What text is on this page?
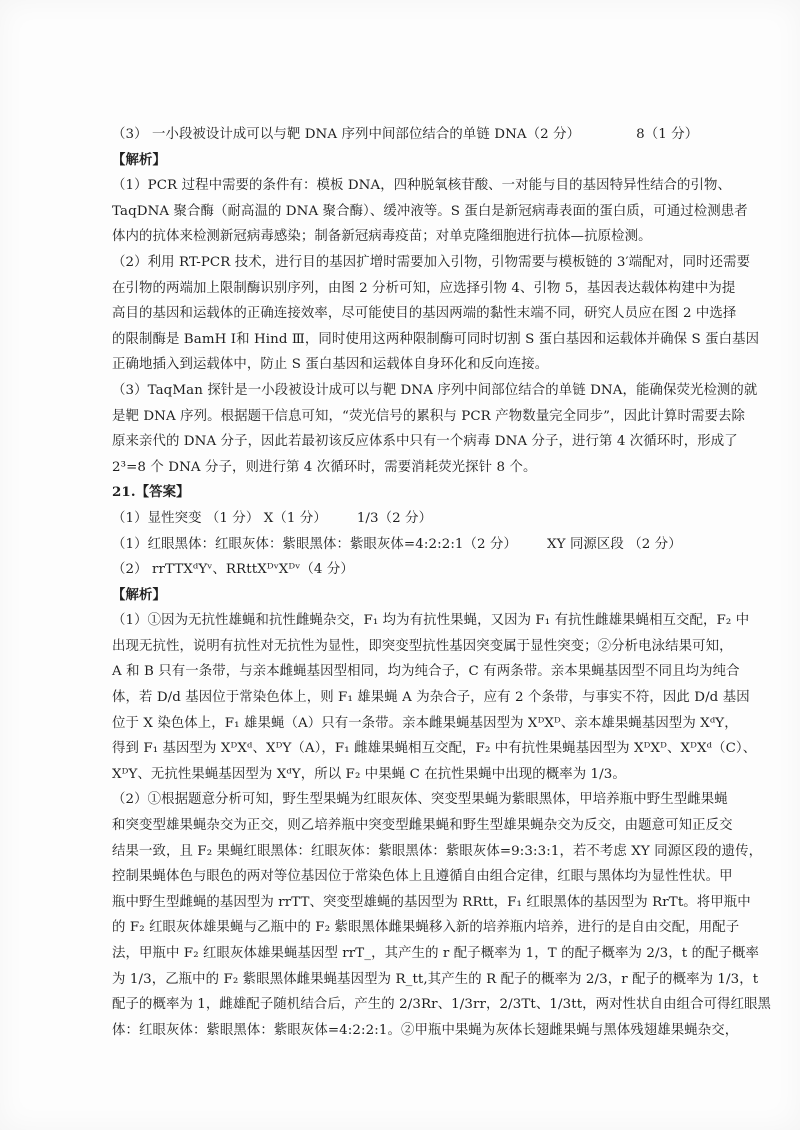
（3） 一小段被设计成可以与靶 DNA 序列中间部位结合的单链 DNA（2 分）	8（1 分）
【解析】
（1）PCR 过程中需要的条件有：模板 DNA，四种脱氧核苷酸、一对能与目的基因特异性结合的引物、
TaqDNA 聚合酶（耐高温的 DNA 聚合酶）、缓冲液等。S 蛋白是新冠病毒表面的蛋白质，可通过检测患者
体内的抗体来检测新冠病毒感染；制备新冠病毒疫苗；对单克隆细胞进行抗体—抗原检测。
（2）利用 RT-PCR 技术，进行目的基因扩增时需要加入引物，引物需要与模板链的 3′端配对，同时还需要
在引物的两端加上限制酶识别序列，由图 2 分析可知，应选择引物 4、引物 5，基因表达载体构建中为提
高目的基因和运载体的正确连接效率，尽可能使目的基因两端的黏性末端不同，研究人员应在图 2 中选择
的限制酶是 BamH Ⅰ和 Hind Ⅲ，同时使用这两种限制酶可同时切割 S 蛋白基因和运载体并确保 S 蛋白基因
正确地插入到运载体中，防止 S 蛋白基因和运载体自身环化和反向连接。
（3）TaqMan 探针是一小段被设计成可以与靶 DNA 序列中间部位结合的单链 DNA，能确保荧光检测的就
是靶 DNA 序列。根据题干信息可知，“荧光信号的累积与 PCR 产物数量完全同步”，因此计算时需要去除
原来亲代的 DNA 分子，因此若最初该反应体系中只有一个病毒 DNA 分子，进行第 4 次循环时，形成了
2³=8 个 DNA 分子，则进行第 4 次循环时，需要消耗荧光探针 8 个。
21.【答案】
（1）显性突变 （1 分） X（1 分） 1/3（2 分）
（1）红眼黑体：红眼灰体：紫眼黑体：紫眼灰体=4:2:2:1（2 分） XY 同源区段 （2 分）
（2） rrTTXᵈYᵛ、RRttXᴰᵛXᴰᵛ（4 分）
【解析】
（1）①因为无抗性雄蝇和抗性雌蝇杂交，F₁ 均为有抗性果蝇，又因为 F₁ 有抗性雌雄果蝇相互交配，F₂ 中
出现无抗性，说明有抗性对无抗性为显性，即突变型抗性基因突变属于显性突变；②分析电泳结果可知，
A 和 B 只有一条带，与亲本雌蝇基因型相同，均为纯合子，C 有两条带。亲本果蝇基因型不同且均为纯合
体，若 D/d 基因位于常染色体上，则 F₁ 雄果蝇 A 为杂合子，应有 2 个条带，与事实不符，因此 D/d 基因
位于 X 染色体上，F₁ 雄果蝇（A）只有一条带。亲本雌果蝇基因型为 XᴰXᴰ、亲本雄果蝇基因型为 XᵈY，
得到 F₁ 基因型为 XᴰXᵈ、XᴰY（A），F₁ 雌雄果蝇相互交配，F₂ 中有抗性果蝇基因型为 XᴰXᴰ、XᴰXᵈ（C）、
XᴰY、无抗性果蝇基因型为 XᵈY，所以 F₂ 中果蝇 C 在抗性果蝇中出现的概率为 1/3。
（2）①根据题意分析可知，野生型果蝇为红眼灰体、突变型果蝇为紫眼黑体，甲培养瓶中野生型雌果蝇
和突变型雄果蝇杂交为正交，则乙培养瓶中突变型雌果蝇和野生型雄果蝇杂交为反交，由题意可知正反交
结果一致，且 F₂ 果蝇红眼黑体：红眼灰体：紫眼黑体：紫眼灰体=9:3:3:1，若不考虑 XY 同源区段的遗传，
控制果蝇体色与眼色的两对等位基因位于常染色体上且遵循自由组合定律，红眼与黑体均为显性性状。甲
瓶中野生型雌蝇的基因型为 rrTT、突变型雄蝇的基因型为 RRtt，F₁ 红眼黑体的基因型为 RrTt。将甲瓶中
的 F₂ 红眼灰体雄果蝇与乙瓶中的 F₂ 紫眼黑体雌果蝇移入新的培养瓶内培养，进行的是自由交配，用配子
法，甲瓶中 F₂ 红眼灰体雄果蝇基因型 rrT_，其产生的 r 配子概率为 1，T 的配子概率为 2/3，t 的配子概率
为 1/3，乙瓶中的 F₂ 紫眼黑体雌果蝇基因型为 R_tt,其产生的 R 配子的概率为 2/3，r 配子的概率为 1/3，t
配子的概率为 1，雌雄配子随机结合后，产生的 2/3Rr、1/3rr，2/3Tt、1/3tt，两对性状自由组合可得红眼黑
体：红眼灰体：紫眼黑体：紫眼灰体=4:2:2:1。②甲瓶中果蝇为灰体长翅雌果蝇与黑体残翅雄果蝇杂交，
